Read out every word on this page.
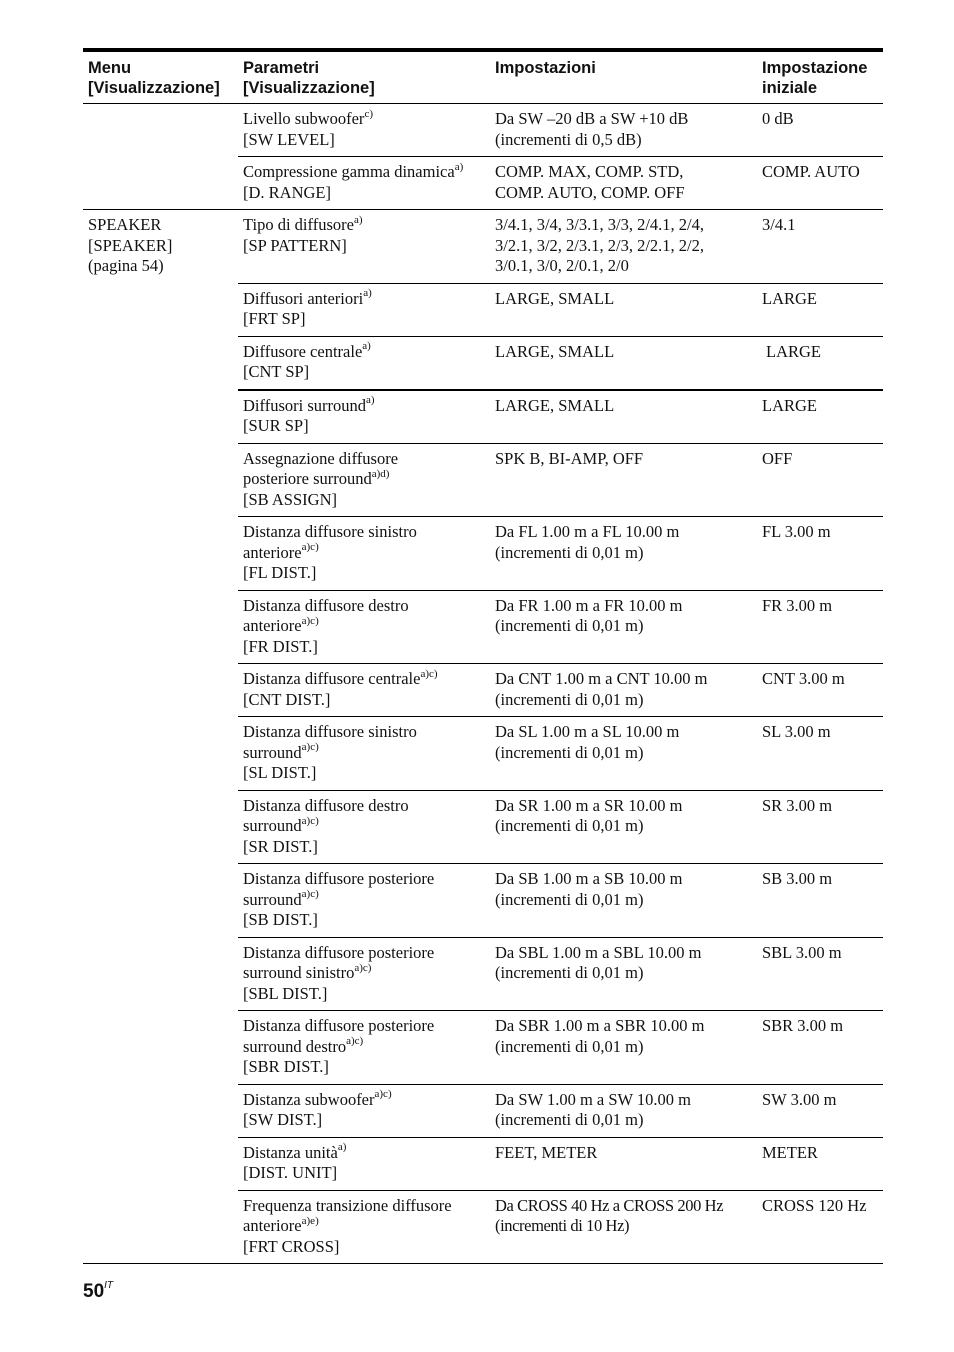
Menu
[Visualizzazione]	Parametri
[Visualizzazione]	Impostazioni	Impostazione
iniziale

	Livello subwoofer$^{c)}$
[SW LEVEL]	Da SW –20 dB a SW +10 dB
(incrementi di 0,5 dB)	0 dB

	Compressione gamma dinamica$^{a)}$
[D. RANGE]	COMP. MAX, COMP. STD,
COMP. AUTO, COMP. OFF	COMP. AUTO

SPEAKER
[SPEAKER]
(pagina 54)	Tipo di diffusore$^{a)}$
[SP PATTERN]	3/4.1, 3/4, 3/3.1, 3/3, 2/4.1, 2/4,
3/2.1, 3/2, 2/3.1, 2/3, 2/2.1, 2/2,
3/0.1, 3/0, 2/0.1, 2/0	3/4.1

	Diffusori anteriori$^{a)}$
[FRT SP]	LARGE, SMALL	LARGE

	Diffusore centrale$^{a)}$
[CNT SP]	LARGE, SMALL	LARGE

	Diffusori surround$^{a)}$
[SUR SP]	LARGE, SMALL	LARGE

	Assegnazione diffusore
posteriore surround$^{a)d)}$
[SB ASSIGN]	SPK B, BI-AMP, OFF	OFF

	Distanza diffusore sinistro
anteriore$^{a)c)}$
[FL DIST.]	Da FL 1.00 m a FL 10.00 m
(incrementi di 0,01 m)	FL 3.00 m

	Distanza diffusore destro
anteriore$^{a)c)}$
[FR DIST.]	Da FR 1.00 m a FR 10.00 m
(incrementi di 0,01 m)	FR 3.00 m

	Distanza diffusore centrale$^{a)c)}$
[CNT DIST.]	Da CNT 1.00 m a CNT 10.00 m
(incrementi di 0,01 m)	CNT 3.00 m

	Distanza diffusore sinistro
surround$^{a)c)}$
[SL DIST.]	Da SL 1.00 m a SL 10.00 m
(incrementi di 0,01 m)	SL 3.00 m

	Distanza diffusore destro
surround$^{a)c)}$
[SR DIST.]	Da SR 1.00 m a SR 10.00 m
(incrementi di 0,01 m)	SR 3.00 m

	Distanza diffusore posteriore
surround$^{a)c)}$
[SB DIST.]	Da SB 1.00 m a SB 10.00 m
(incrementi di 0,01 m)	SB 3.00 m

	Distanza diffusore posteriore
surround sinistro$^{a)c)}$
[SBL DIST.]	Da SBL 1.00 m a SBL 10.00 m
(incrementi di 0,01 m)	SBL 3.00 m

	Distanza diffusore posteriore
surround destro$^{a)c)}$
[SBR DIST.]	Da SBR 1.00 m a SBR 10.00 m
(incrementi di 0,01 m)	SBR 3.00 m

	Distanza subwoofer$^{a)c)}$
[SW DIST.]	Da SW 1.00 m a SW 10.00 m
(incrementi di 0,01 m)	SW 3.00 m

	Distanza unità$^{a)}$
[DIST. UNIT]	FEET, METER	METER

	Frequenza transizione diffusore
anteriore$^{a)e)}$
[FRT CROSS]	Da CROSS 40 Hz a CROSS 200 Hz
(incrementi di 10 Hz)	CROSS 120 Hz
$50^{IT}$
